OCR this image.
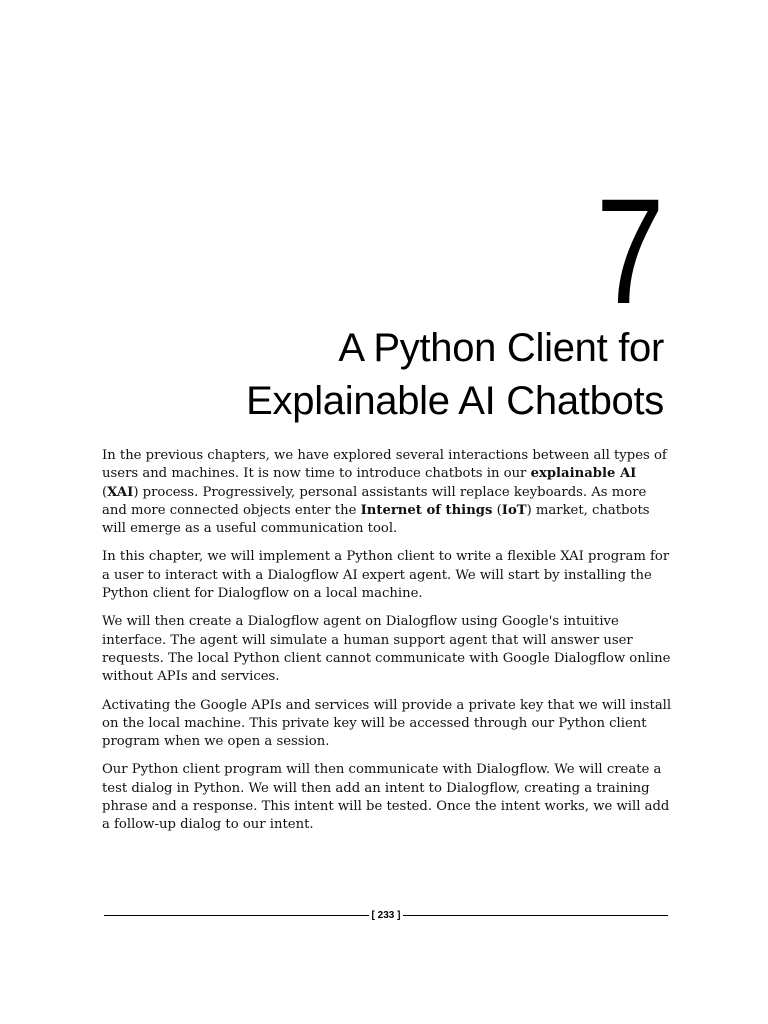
7
A Python Client for
Explainable AI Chatbots

In the previous chapters, we have explored several interactions between all types of users and machines. It is now time to introduce chatbots in our explainable AI (XAI) process. Progressively, personal assistants will replace keyboards. As more and more connected objects enter the Internet of things (IoT) market, chatbots will emerge as a useful communication tool.

In this chapter, we will implement a Python client to write a flexible XAI program for a user to interact with a Dialogflow AI expert agent. We will start by installing the Python client for Dialogflow on a local machine.

We will then create a Dialogflow agent on Dialogflow using Google's intuitive interface. The agent will simulate a human support agent that will answer user requests. The local Python client cannot communicate with Google Dialogflow online without APIs and services.

Activating the Google APIs and services will provide a private key that we will install on the local machine. This private key will be accessed through our Python client program when we open a session.

Our Python client program will then communicate with Dialogflow. We will create a test dialog in Python. We will then add an intent to Dialogflow, creating a training phrase and a response. This intent will be tested. Once the intent works, we will add a follow-up dialog to our intent.

[ 233 ]
